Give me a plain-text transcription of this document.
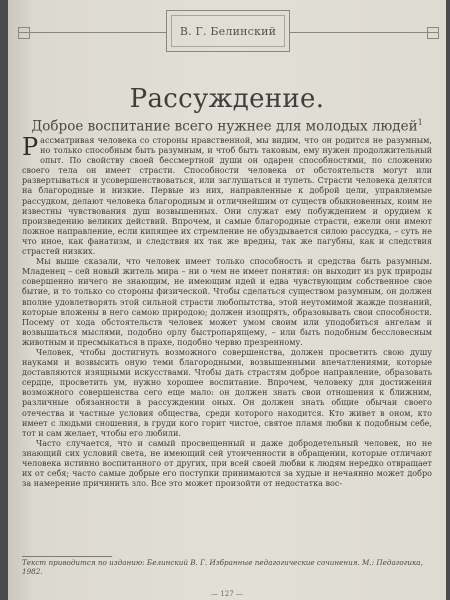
В. Г. Белинский
Рассуждение.
Доброе воспитание всего нужнее для молодых людей$^1$

Рассматривая человека со стороны нравственной, мы видим, что он родится не разумным, но только способным быть разумным, и чтоб быть таковым, ему нужен продолжительный опыт. По свойству своей бессмертной души он одарен способностями, по сложению своего тела он имеет страсти. Способности человека от обстоятельств могут или развертываться и усовершенствоваться, или заглушаться и тупеть. Страсти человека делятся на благородные и низкие. Первые из них, направленные к доброй цели, управляемые рассудком, делают человека благородным и отличнейшим от существ обыкновенных, коим не известны чувствования душ возвышенных. Они служат ему побуждением и орудием к произведению великих действий. Впрочем, и самые благородные страсти, ежели они имеют ложное направление, если кипящее их стремление не обуздывается силою рассудка, – суть не что иное, как фанатизм, и следствия их так же вредны, так же пагубны, как и следствия страстей низких.

Мы выше сказали, что человек имеет только способность и средства быть разумным. Младенец – сей новый житель мира – ни о чем не имеет понятия: он выходит из рук природы совершенно ничего не знающим, не имеющим идей и едва чувствующим собственное свое бытие, и то только со стороны физической. Чтобы сделаться существом разумным, он должен вполне удовлетворять этой сильной страсти любопытства, этой неутомимой жажде познаний, которые вложены в него самою природою; должен изощрять, образовывать свои способности. Посему от хода обстоятельств человек может умом своим или уподобиться ангелам и возвышаться мыслями, подобно орлу быстропарящему, – или быть подобным бессловесным животным и пресмыкаться в прахе, подобно червю презренному.

Человек, чтобы достигнуть возможного совершенства, должен просветить свою душу науками и возвысить оную теми благородными, возвышенными впечатлениями, которые доставляются изящными искусствами. Чтобы дать страстям доброе направление, образовать сердце, просветить ум, нужно хорошее воспитание. Впрочем, человеку для достижения возможного совершенства сего еще мало: он должен знать свои отношения к ближним, различные обязанности в рассуждении оных. Он должен знать общие обычаи своего отечества и частные условия общества, среди которого находится. Кто живет в оном, кто имеет с людьми сношения, в груди кого горит чистое, святое пламя любви к подобным себе, тот и сам желает, чтобы его любили.

Часто случается, что и самый просвещенный и даже добродетельный человек, но не знающий сих условий света, не имеющий сей утонченности в обращении, которые отличают человека истинно воспитанного от других, при всей своей любви к людям нередко отвращает их от себя; часто самые добрые его поступки принимаются за худые и нечаянно может добро за намерение причинить зло. Все это может произойти от недостатка вос-

Текст приводится по изданию: Белинский В. Г. Избранные педагогические сочинения. М.: Педагогика, 1982.
— 127 —
